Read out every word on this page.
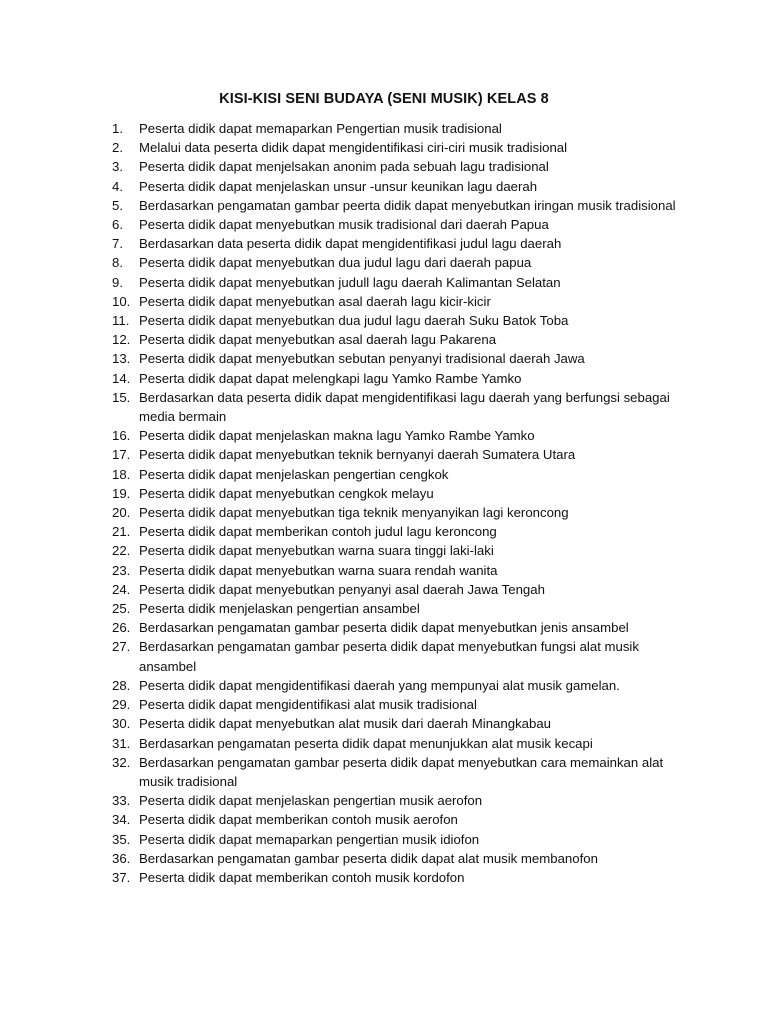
KISI-KISI SENI BUDAYA (SENI MUSIK) KELAS 8
1.	Peserta didik dapat memaparkan Pengertian musik tradisional
2.	Melalui data peserta didik dapat mengidentifikasi ciri-ciri musik tradisional
3.	Peserta didik dapat menjelsakan anonim pada sebuah lagu tradisional
4.	Peserta didik dapat menjelaskan unsur -unsur keunikan lagu daerah
5.	Berdasarkan pengamatan gambar peerta didik dapat menyebutkan iringan musik tradisional
6.	Peserta didik dapat menyebutkan musik tradisional dari daerah Papua
7.	Berdasarkan data peserta didik dapat mengidentifikasi judul lagu daerah
8.	Peserta didik dapat menyebutkan dua judul lagu dari daerah papua
9.	Peserta didik dapat menyebutkan judull lagu daerah Kalimantan Selatan
10. Peserta didik dapat menyebutkan asal daerah lagu kicir-kicir
11. Peserta didik dapat menyebutkan dua judul lagu daerah Suku Batok Toba
12. Peserta didik dapat menyebutkan asal daerah lagu Pakarena
13. Peserta didik dapat menyebutkan sebutan penyanyi tradisional daerah Jawa
14. Peserta didik dapat dapat melengkapi lagu Yamko Rambe Yamko
15. Berdasarkan data peserta didik dapat mengidentifikasi lagu daerah yang berfungsi sebagai media bermain
16. Peserta didik dapat menjelaskan makna lagu Yamko Rambe Yamko
17. Peserta didik dapat menyebutkan teknik bernyanyi daerah Sumatera Utara
18. Peserta didik dapat menjelaskan pengertian cengkok
19. Peserta didik dapat menyebutkan cengkok melayu
20. Peserta didik dapat menyebutkan tiga teknik menyanyikan lagi keroncong
21. Peserta didik dapat memberikan contoh judul lagu keroncong
22. Peserta didik dapat menyebutkan warna suara tinggi laki-laki
23. Peserta didik dapat menyebutkan warna suara rendah wanita
24. Peserta didik dapat menyebutkan penyanyi asal daerah Jawa Tengah
25. Peserta didik menjelaskan pengertian ansambel
26. Berdasarkan pengamatan gambar peserta didik dapat menyebutkan jenis ansambel
27. Berdasarkan pengamatan gambar peserta didik dapat menyebutkan fungsi alat musik ansambel
28. Peserta didik dapat mengidentifikasi daerah yang mempunyai alat musik gamelan.
29. Peserta didik dapat mengidentifikasi alat musik tradisional
30. Peserta didik dapat menyebutkan alat musik dari daerah Minangkabau
31. Berdasarkan pengamatan peserta didik dapat menunjukkan alat musik kecapi
32. Berdasarkan pengamatan gambar peserta didik dapat menyebutkan cara memainkan alat musik tradisional
33. Peserta didik dapat menjelaskan pengertian musik aerofon
34. Peserta didik dapat memberikan contoh musik aerofon
35. Peserta didik dapat memaparkan pengertian musik idiofon
36. Berdasarkan pengamatan gambar peserta didik dapat alat musik membanofon
37. Peserta didik dapat memberikan contoh musik kordofon
